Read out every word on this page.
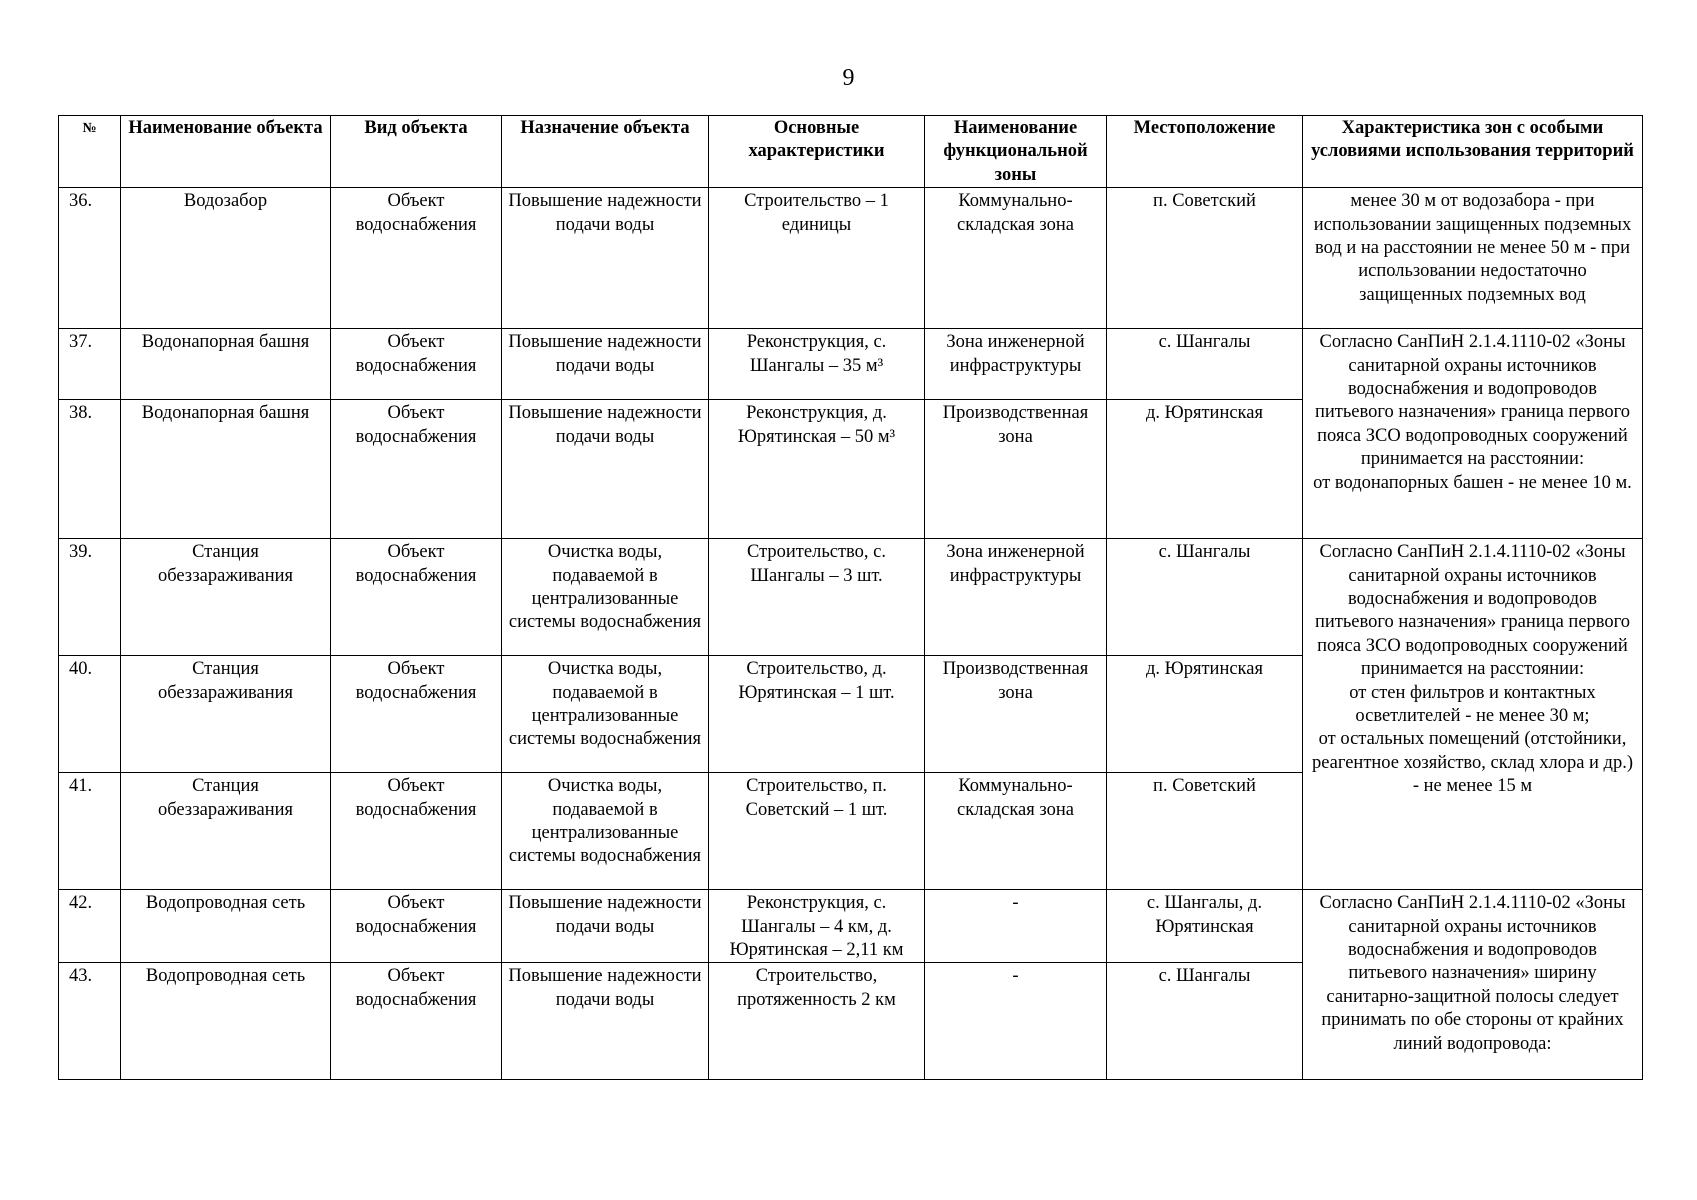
9
№	Наименование объекта	Вид объекта	Назначение объекта	Основные характеристики	Наименование функциональной зоны	Местоположение	Характеристика зон с особыми условиями использования территорий
36.	Водозабор	Объект водоснабжения	Повышение надежности подачи воды	Строительство – 1 единицы	Коммунально-складская зона	п. Советский	менее 30 м от водозабора - при использовании защищенных подземных вод и на расстоянии не менее 50 м - при использовании недостаточно защищенных подземных вод
37.	Водонапорная башня	Объект водоснабжения	Повышение надежности подачи воды	Реконструкция, с. Шангалы – 35 м³	Зона инженерной инфраструктуры	с. Шангалы	Согласно СанПиН 2.1.4.1110-02 «Зоны санитарной охраны источников водоснабжения и водопроводов питьевого назначения» граница первого пояса ЗСО водопроводных сооружений принимается на расстоянии:
от водонапорных башен - не менее 10 м.
38.	Водонапорная башня	Объект водоснабжения	Повышение надежности подачи воды	Реконструкция, д. Юрятинская – 50 м³	Производственная зона	д. Юрятинская	
39.	Станция обеззараживания	Объект водоснабжения	Очистка воды, подаваемой в централизованные системы водоснабжения	Строительство, с. Шангалы – 3 шт.	Зона инженерной инфраструктуры	с. Шангалы	Согласно СанПиН 2.1.4.1110-02 «Зоны санитарной охраны источников водоснабжения и водопроводов питьевого назначения» граница первого пояса ЗСО водопроводных сооружений принимается на расстоянии:
от стен фильтров и контактных осветлителей - не менее 30 м;
от остальных помещений (отстойники, реагентное хозяйство, склад хлора и др.) - не менее 15 м
40.	Станция обеззараживания	Объект водоснабжения	Очистка воды, подаваемой в централизованные системы водоснабжения	Строительство, д. Юрятинская – 1 шт.	Производственная зона	д. Юрятинская	
41.	Станция обеззараживания	Объект водоснабжения	Очистка воды, подаваемой в централизованные системы водоснабжения	Строительство, п. Советский – 1 шт.	Коммунально-складская зона	п. Советский	
42.	Водопроводная сеть	Объект водоснабжения	Повышение надежности подачи воды	Реконструкция, с. Шангалы – 4 км, д. Юрятинская – 2,11 км	-	с. Шангалы, д. Юрятинская	Согласно СанПиН 2.1.4.1110-02 «Зоны санитарной охраны источников водоснабжения и водопроводов питьевого назначения» ширину санитарно-защитной полосы следует принимать по обе стороны от крайних линий водопровода:
43.	Водопроводная сеть	Объект водоснабжения	Повышение надежности подачи воды	Строительство, протяженность 2 км	-	с. Шангалы	
